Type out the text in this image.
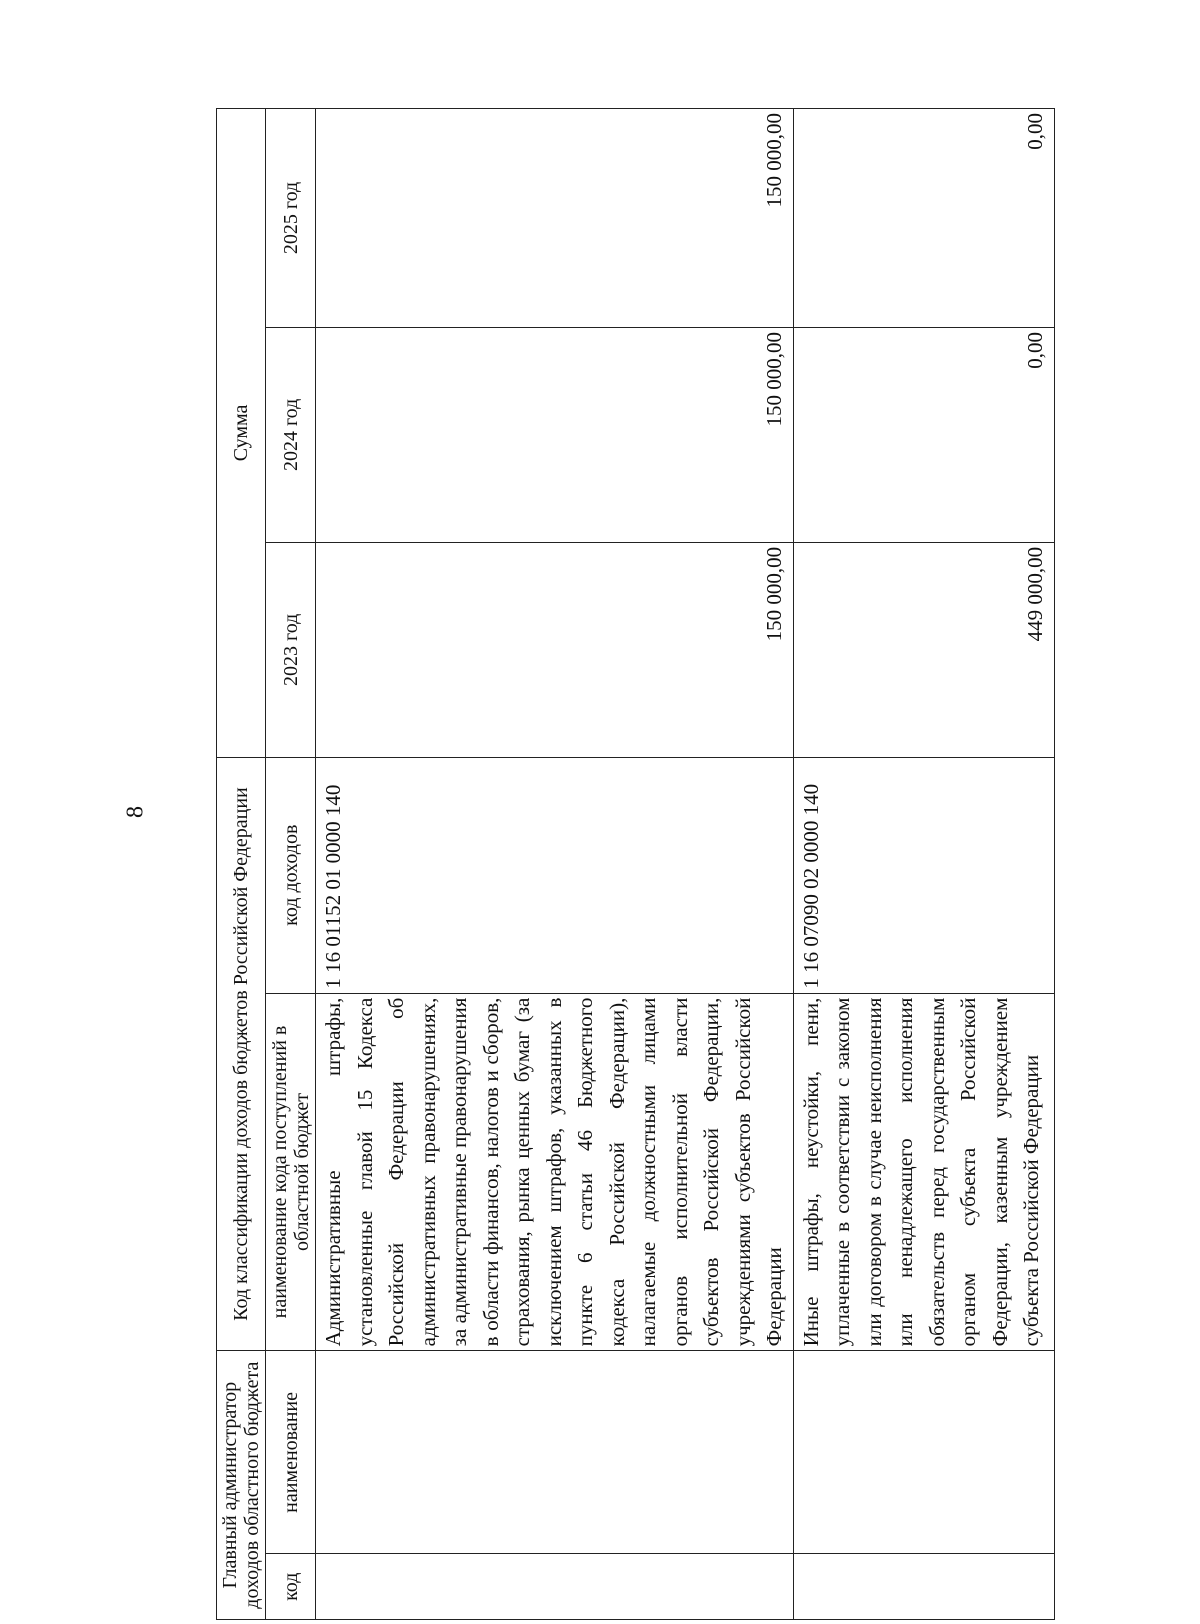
8
Главный администратор доходов областного бюджета		Код классификации доходов бюджетов Российской Федерации		Сумма		
код	наименование	наименование кода поступлений в областной бюджет	код доходов	2023 год	2024 год	2025 год
		Административные штрафы, установленные главой 15 Кодекса Российской Федерации об административных правонарушениях, за административные правонарушения в области финансов, налогов и сборов, страхования, рынка ценных бумаг (за исключением штрафов, указанных в пункте 6 статьи 46 Бюджетного кодекса Российской Федерации), налагаемые должностными лицами органов исполнительной власти субъектов Российской Федерации, учреждениями субъектов Российской Федерации	1 16 01152 01 0000 140	150 000,00	150 000,00	150 000,00
		Иные штрафы, неустойки, пени, уплаченные в соответствии с законом или договором в случае неисполнения или ненадлежащего исполнения обязательств перед государственным органом субъекта Российской Федерации, казенным учреждением субъекта Российской Федерации	1 16 07090 02 0000 140	449 000,00	0,00	0,00
